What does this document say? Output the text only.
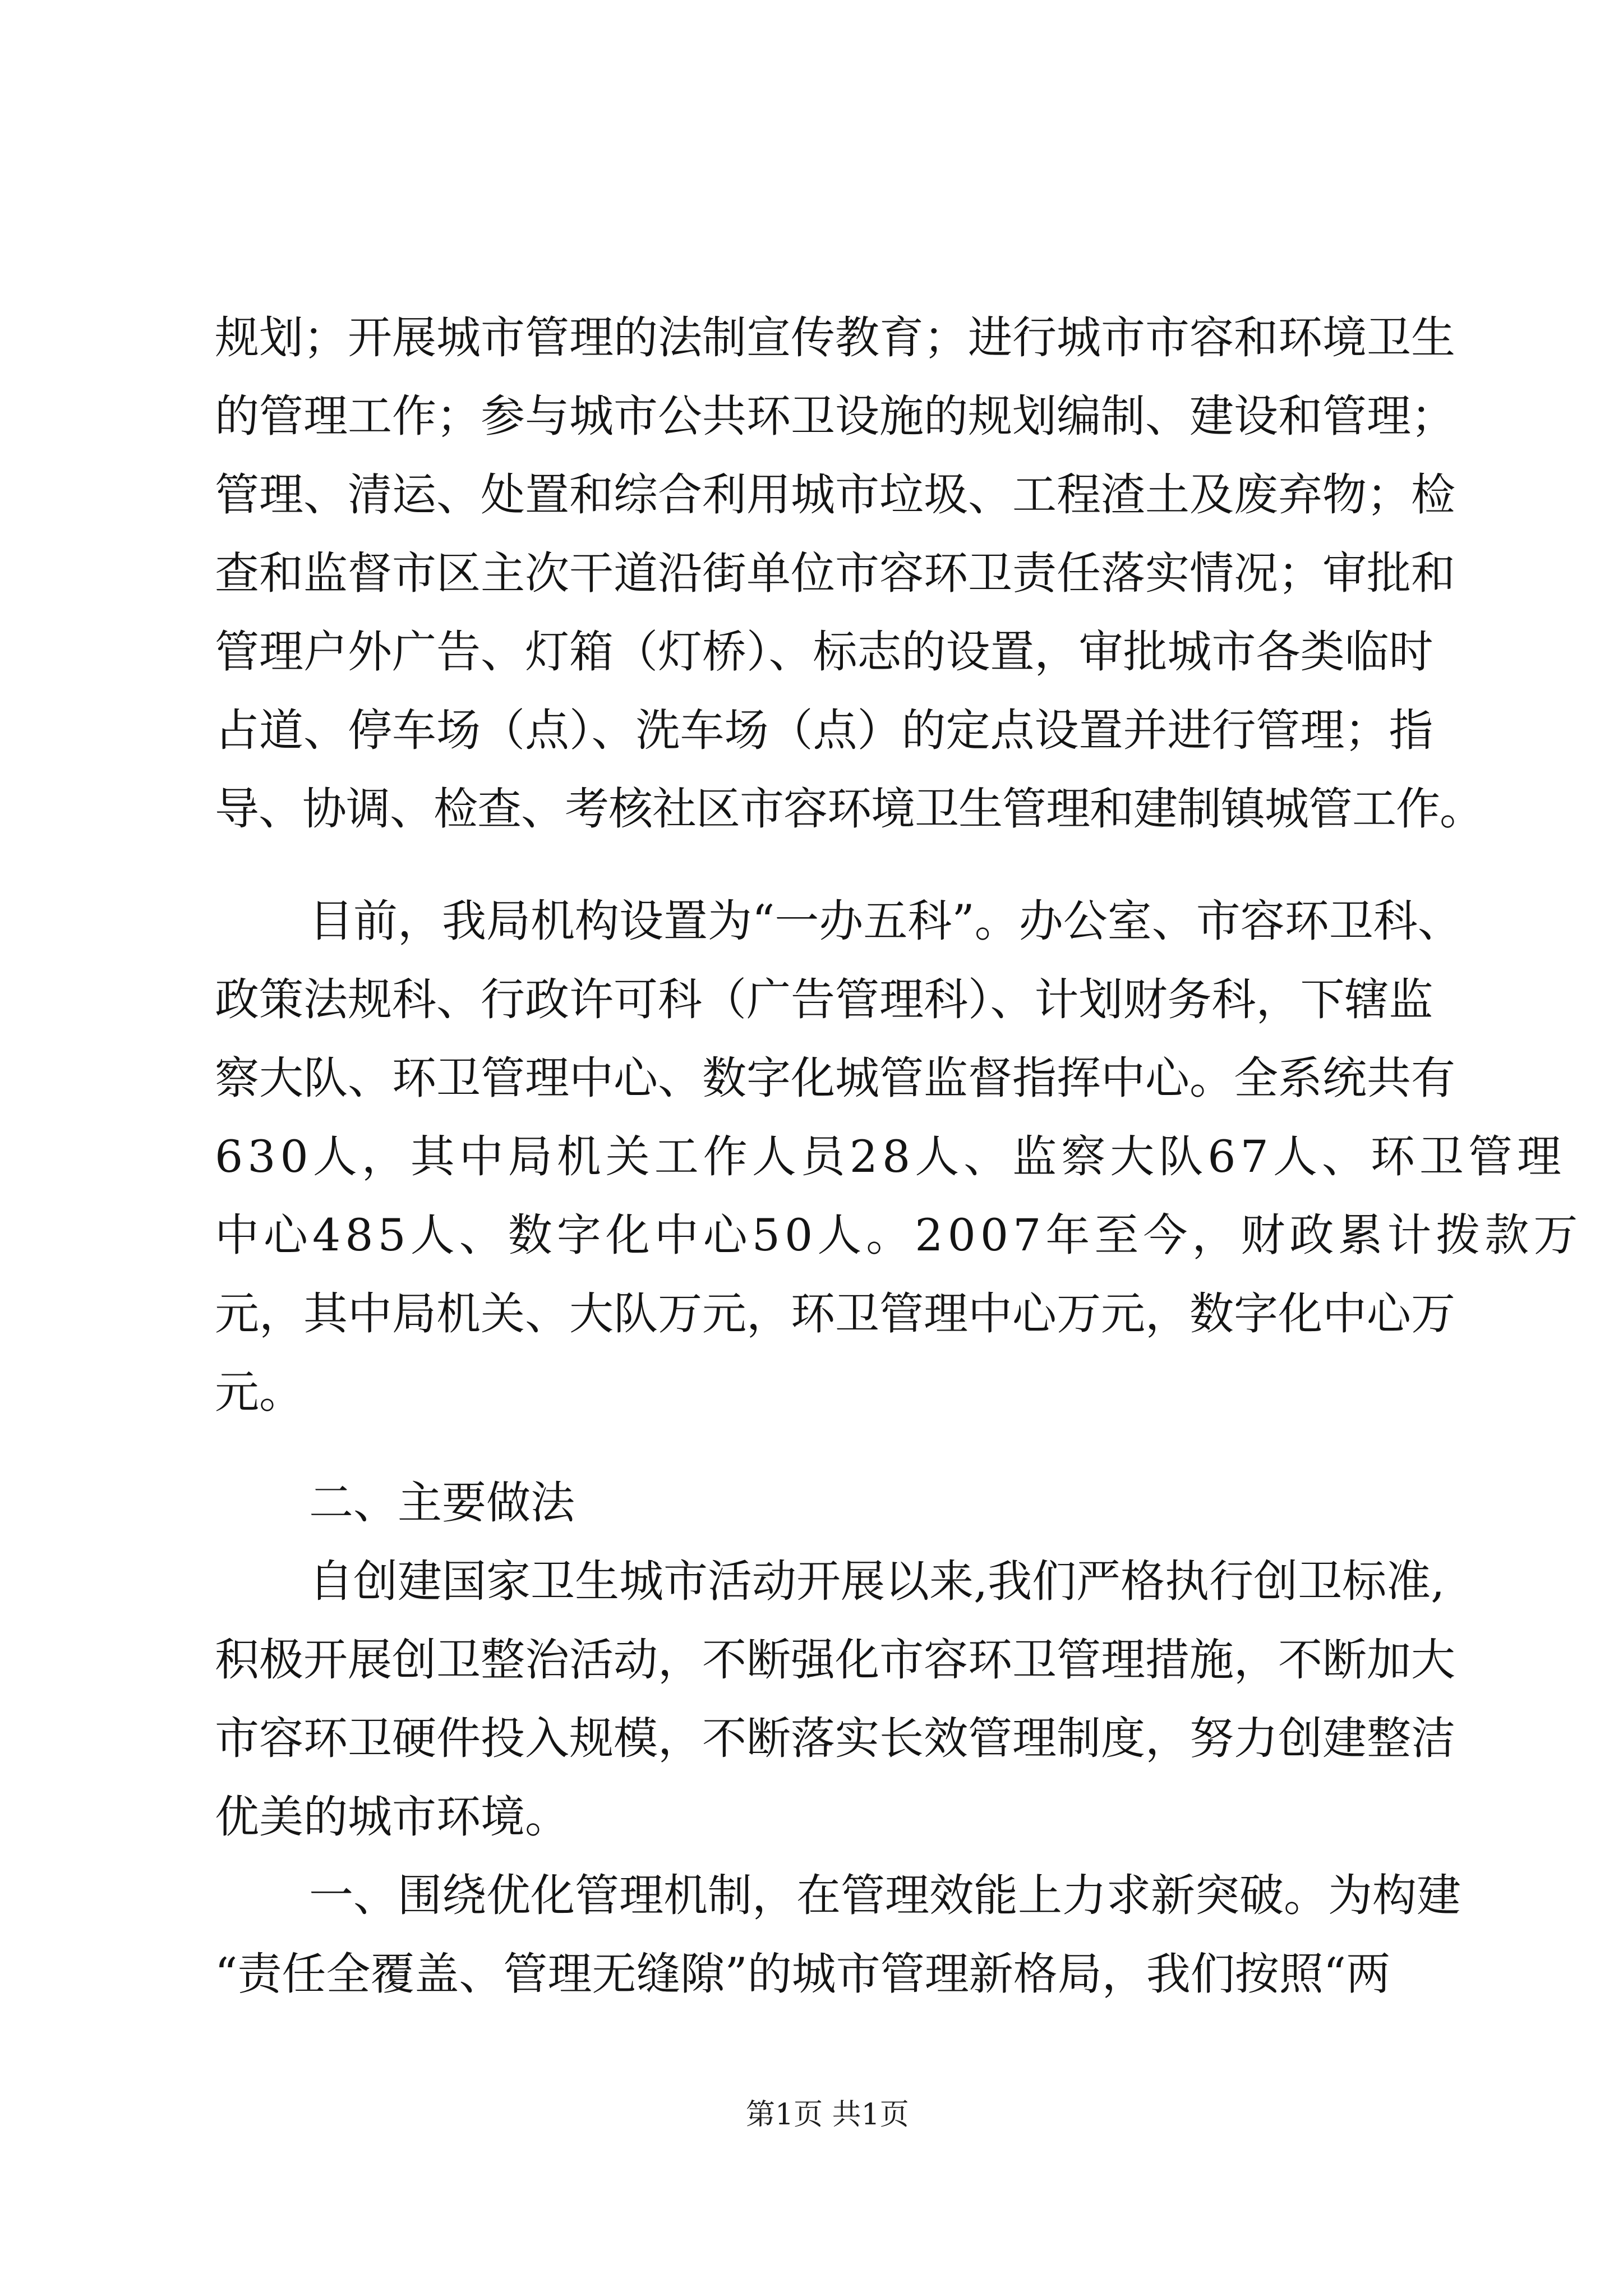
规划；开展城市管理的法制宣传教育；进行城市市容和环境卫生
的管理工作；参与城市公共环卫设施的规划编制、建设和管理；
管理、清运、处置和综合利用城市垃圾、工程渣土及废弃物；检
查和监督市区主次干道沿街单位市容环卫责任落实情况；审批和
管理户外广告、灯箱（灯桥）、标志的设置，审批城市各类临时
占道、停车场（点）、洗车场（点）的定点设置并进行管理；指
导、协调、检查、考核社区市容环境卫生管理和建制镇城管工作。
目前，我局机构设置为“一办五科”。办公室、市容环卫科、
政策法规科、行政许可科（广告管理科）、计划财务科，下辖监
察大队、环卫管理中心、数字化城管监督指挥中心。全系统共有
630人，其中局机关工作人员28人、监察大队67人、环卫管理
中心485人、数字化中心50人。2007年至今，财政累计拨款万
元，其中局机关、大队万元，环卫管理中心万元，数字化中心万
元。
二、主要做法
自创建国家卫生城市活动开展以来,我们严格执行创卫标准,
积极开展创卫整治活动，不断强化市容环卫管理措施，不断加大
市容环卫硬件投入规模，不断落实长效管理制度，努力创建整洁
优美的城市环境。
一、围绕优化管理机制，在管理效能上力求新突破。为构建
“责任全覆盖、管理无缝隙”的城市管理新格局，我们按照“两
第1页 共1页
